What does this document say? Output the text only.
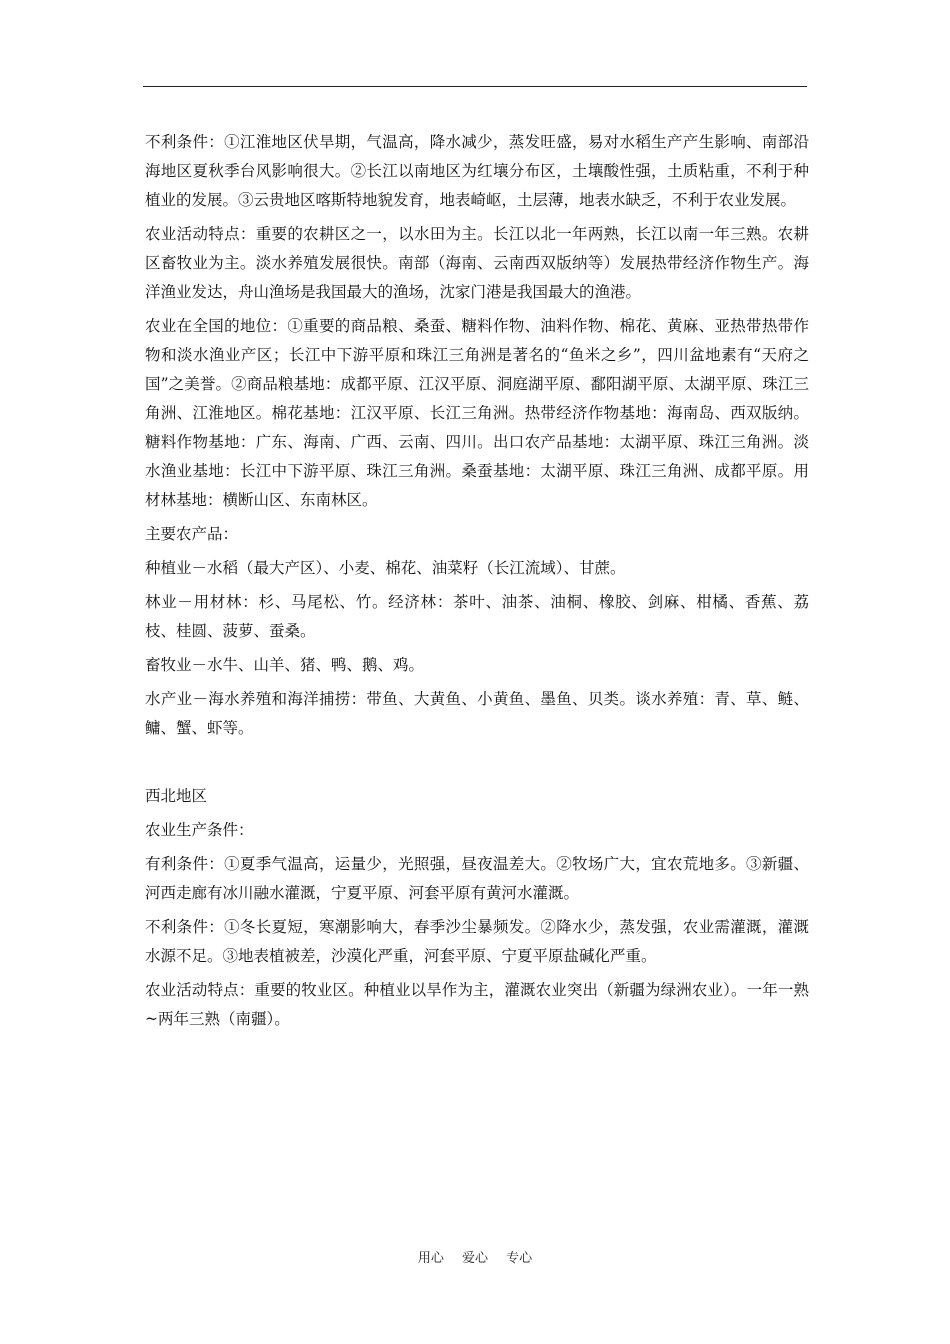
不利条件：①江淮地区伏旱期，气温高，降水减少，蒸发旺盛，易对水稻生产产生影响、南部沿海地区夏秋季台风影响很大。②长江以南地区为红壤分布区，土壤酸性强，土质粘重，不利于种植业的发展。③云贵地区喀斯特地貌发育，地表崎岖，土层薄，地表水缺乏，不利于农业发展。

农业活动特点：重要的农耕区之一，以水田为主。长江以北一年两熟，长江以南一年三熟。农耕区畜牧业为主。淡水养殖发展很快。南部（海南、云南西双版纳等）发展热带经济作物生产。海洋渔业发达，舟山渔场是我国最大的渔场，沈家门港是我国最大的渔港。

农业在全国的地位：①重要的商品粮、桑蚕、糖料作物、油料作物、棉花、黄麻、亚热带热带作物和淡水渔业产区；长江中下游平原和珠江三角洲是著名的“鱼米之乡”，四川盆地素有“天府之国”之美誉。②商品粮基地：成都平原、江汉平原、洞庭湖平原、鄱阳湖平原、太湖平原、珠江三角洲、江淮地区。棉花基地：江汉平原、长江三角洲。热带经济作物基地：海南岛、西双版纳。糖料作物基地：广东、海南、广西、云南、四川。出口农产品基地：太湖平原、珠江三角洲。淡水渔业基地：长江中下游平原、珠江三角洲。桑蚕基地：太湖平原、珠江三角洲、成都平原。用材林基地：横断山区、东南林区。

主要农产品：

种植业－水稻（最大产区）、小麦、棉花、油菜籽（长江流域）、甘蔗。

林业－用材林：杉、马尾松、竹。经济林：茶叶、油茶、油桐、橡胶、剑麻、柑橘、香蕉、荔枝、桂圆、菠萝、蚕桑。

畜牧业－水牛、山羊、猪、鸭、鹅、鸡。

水产业－海水养殖和海洋捕捞：带鱼、大黄鱼、小黄鱼、墨鱼、贝类。谈水养殖：青、草、鲢、鳙、蟹、虾等。

西北地区

农业生产条件：

有利条件：①夏季气温高，运量少，光照强，昼夜温差大。②牧场广大，宜农荒地多。③新疆、河西走廊有冰川融水灌溉，宁夏平原、河套平原有黄河水灌溉。

不利条件：①冬长夏短，寒潮影响大，春季沙尘暴频发。②降水少，蒸发强，农业需灌溉，灌溉水源不足。③地表植被差，沙漠化严重，河套平原、宁夏平原盐碱化严重。

农业活动特点：重要的牧业区。种植业以旱作为主，灌溉农业突出（新疆为绿洲农业）。一年一熟~两年三熟（南疆）。

用心 爱心 专心
